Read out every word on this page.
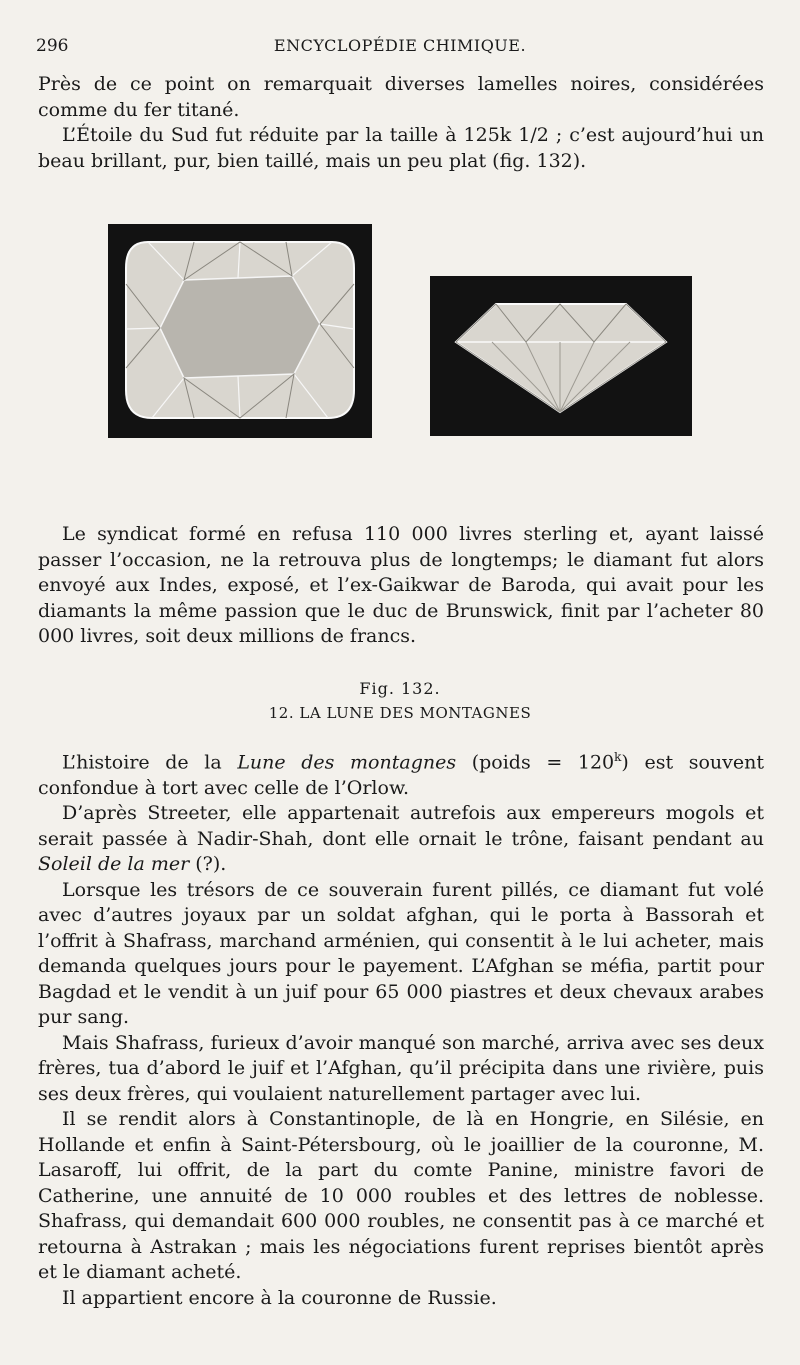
296	ENCYCLOPÉDIE CHIMIQUE.

Près de ce point on remarquait diverses lamelles noires, considérées comme du fer titané.

L’Étoile du Sud fut réduite par la taille à 125k 1/2 ; c’est aujourd’hui un beau brillant, pur, bien taillé, mais un peu plat (fig. 132).

Fig. 132.

Le syndicat formé en refusa 110 000 livres sterling et, ayant laissé passer l’occasion, ne la retrouva plus de longtemps; le diamant fut alors envoyé aux Indes, exposé, et l’ex-Gaikwar de Baroda, qui avait pour les diamants la même passion que le duc de Brunswick, finit par l’acheter 80 000 livres, soit deux millions de francs.

12. LA LUNE DES MONTAGNES

L’histoire de la Lune des montagnes (poids = $120^k$) est souvent confondue à tort avec celle de l’Orlow.

D’après Streeter, elle appartenait autrefois aux empereurs mogols et serait passée à Nadir-Shah, dont elle ornait le trône, faisant pendant au Soleil de la mer (?).

Lorsque les trésors de ce souverain furent pillés, ce diamant fut volé avec d’autres joyaux par un soldat afghan, qui le porta à Bassorah et l’offrit à Shafrass, marchand arménien, qui consentit à le lui acheter, mais demanda quelques jours pour le payement. L’Afghan se méfia, partit pour Bagdad et le vendit à un juif pour 65 000 piastres et deux chevaux arabes pur sang.

Mais Shafrass, furieux d’avoir manqué son marché, arriva avec ses deux frères, tua d’abord le juif et l’Afghan, qu’il précipita dans une rivière, puis ses deux frères, qui voulaient naturellement partager avec lui.

Il se rendit alors à Constantinople, de là en Hongrie, en Silésie, en Hollande et enfin à Saint-Pétersbourg, où le joaillier de la couronne, M. Lasaroff, lui offrit, de la part du comte Panine, ministre favori de Catherine, une annuité de 10 000 roubles et des lettres de noblesse. Shafrass, qui demandait 600 000 roubles, ne consentit pas à ce marché et retourna à Astrakan ; mais les négociations furent reprises bientôt après et le diamant acheté.

Il appartient encore à la couronne de Russie.
